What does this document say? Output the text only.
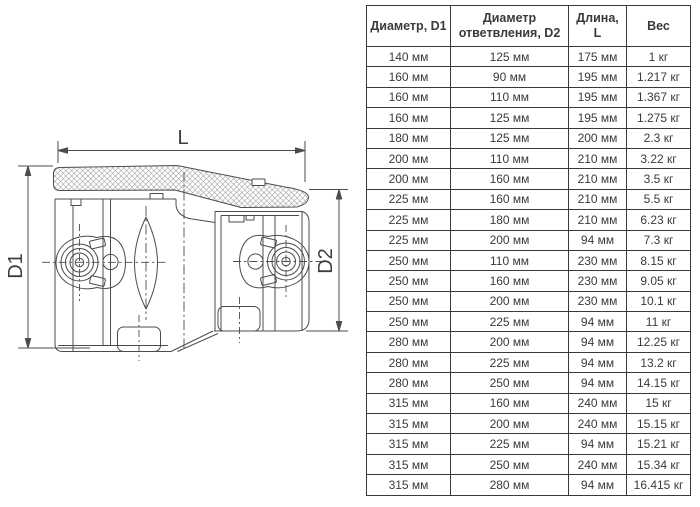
L
D1	D2
Диаметр, D1	Диаметр ответвления, D2	Длина, L	Вес
140 мм	125 мм	175 мм	1 кг
160 мм	90 мм	195 мм	1.217 кг
160 мм	110 мм	195 мм	1.367 кг
160 мм	125 мм	195 мм	1.275 кг
180 мм	125 мм	200 мм	2.3 кг
200 мм	110 мм	210 мм	3.22 кг
200 мм	160 мм	210 мм	3.5 кг
225 мм	160 мм	210 мм	5.5 кг
225 мм	180 мм	210 мм	6.23 кг
225 мм	200 мм	94 мм	7.3 кг
250 мм	110 мм	230 мм	8.15 кг
250 мм	160 мм	230 мм	9.05 кг
250 мм	200 мм	230 мм	10.1 кг
250 мм	225 мм	94 мм	11 кг
280 мм	200 мм	94 мм	12.25 кг
280 мм	225 мм	94 мм	13.2 кг
280 мм	250 мм	94 мм	14.15 кг
315 мм	160 мм	240 мм	15 кг
315 мм	200 мм	240 мм	15.15 кг
315 мм	225 мм	94 мм	15.21 кг
315 мм	250 мм	240 мм	15.34 кг
315 мм	280 мм	94 мм	16.415 кг
